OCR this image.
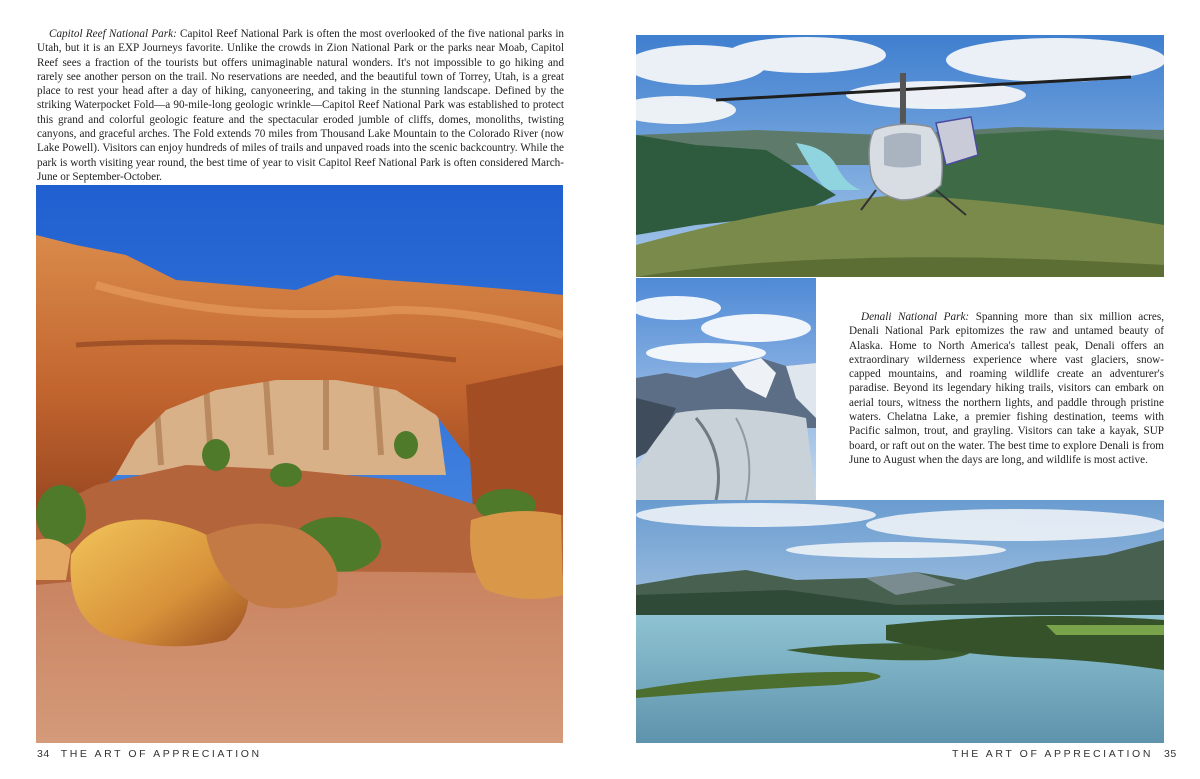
Capitol Reef National Park: Capitol Reef National Park is often the most overlooked of the five national parks in Utah, but it is an EXP Journeys favorite. Unlike the crowds in Zion National Park or the parks near Moab, Capitol Reef sees a fraction of the tourists but offers unimaginable natural wonders. It's not impossible to go hiking and rarely see another person on the trail. No reservations are needed, and the beautiful town of Torrey, Utah, is a great place to rest your head after a day of hiking, canyoneering, and taking in the stunning landscape. Defined by the striking Waterpocket Fold—a 90-mile-long geologic wrinkle—Capitol Reef National Park was established to protect this grand and colorful geologic feature and the spectacular eroded jumble of cliffs, domes, monoliths, twisting canyons, and graceful arches. The Fold extends 70 miles from Thousand Lake Mountain to the Colorado River (now Lake Powell). Visitors can enjoy hundreds of miles of trails and unpaved roads into the scenic backcountry. While the park is worth visiting year round, the best time of year to visit Capitol Reef National Park is often considered March- June or September-October.

34 THE ART OF APPRECIATION

Denali National Park: Spanning more than six million acres, Denali National Park epitomizes the raw and untamed beauty of Alaska. Home to North America's tallest peak, Denali offers an extraordinary wilderness experience where vast glaciers, snow-capped mountains, and roaming wildlife create an adventurer's paradise. Beyond its legendary hiking trails, visitors can embark on aerial tours, witness the northern lights, and paddle through pristine waters. Chelatna Lake, a premier fishing destination, teems with Pacific salmon, trout, and grayling. Visitors can take a kayak, SUP board, or raft out on the water. The best time to explore Denali is from June to August when the days are long, and wildlife is most active.

THE ART OF APPRECIATION 35
